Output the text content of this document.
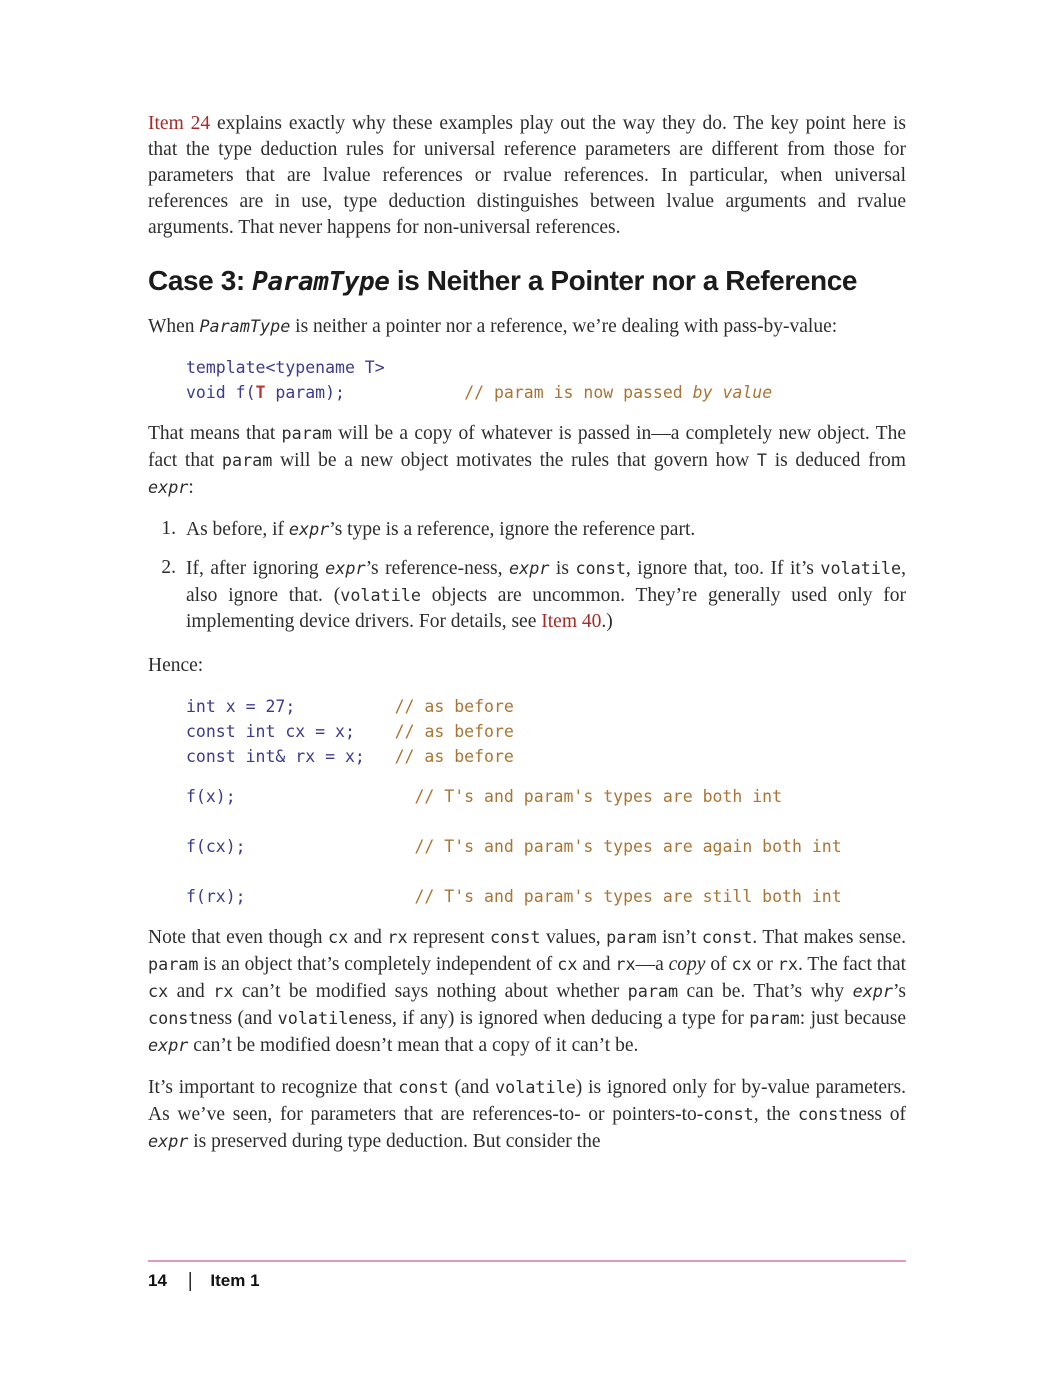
Item 24 explains exactly why these examples play out the way they do. The key point here is that the type deduction rules for universal reference parameters are different from those for parameters that are lvalue references or rvalue references. In particular, when universal references are in use, type deduction distinguishes between lvalue arguments and rvalue arguments. That never happens for non-universal references.

Case 3: ParamType is Neither a Pointer nor a Reference

When ParamType is neither a pointer nor a reference, we’re dealing with pass-by-value:

template<typename T>
void f(T param);	// param is now passed by value

That means that param will be a copy of whatever is passed in—a completely new object. The fact that param will be a new object motivates the rules that govern how T is deduced from expr:

1. As before, if expr’s type is a reference, ignore the reference part.
2. If, after ignoring expr’s reference-ness, expr is const, ignore that, too. If it’s volatile, also ignore that. (volatile objects are uncommon. They’re generally used only for implementing device drivers. For details, see Item 40.)

Hence:

int x = 27;	// as before
const int cx = x; // as before
const int& rx = x; // as before
f(x);	// T's and param's types are both int

f(cx);	// T's and param's types are again both int

f(rx);	// T's and param's types are still both int

Note that even though cx and rx represent const values, param isn’t const. That makes sense. param is an object that’s completely independent of cx and rx—a copy of cx or rx. The fact that cx and rx can’t be modified says nothing about whether param can be. That’s why expr’s constness (and volatileness, if any) is ignored when deducing a type for param: just because expr can’t be modified doesn’t mean that a copy of it can’t be.

It’s important to recognize that const (and volatile) is ignored only for by-value parameters. As we’ve seen, for parameters that are references-to- or pointers-to-const, the constness of expr is preserved during type deduction. But consider the

14 | Item 1
